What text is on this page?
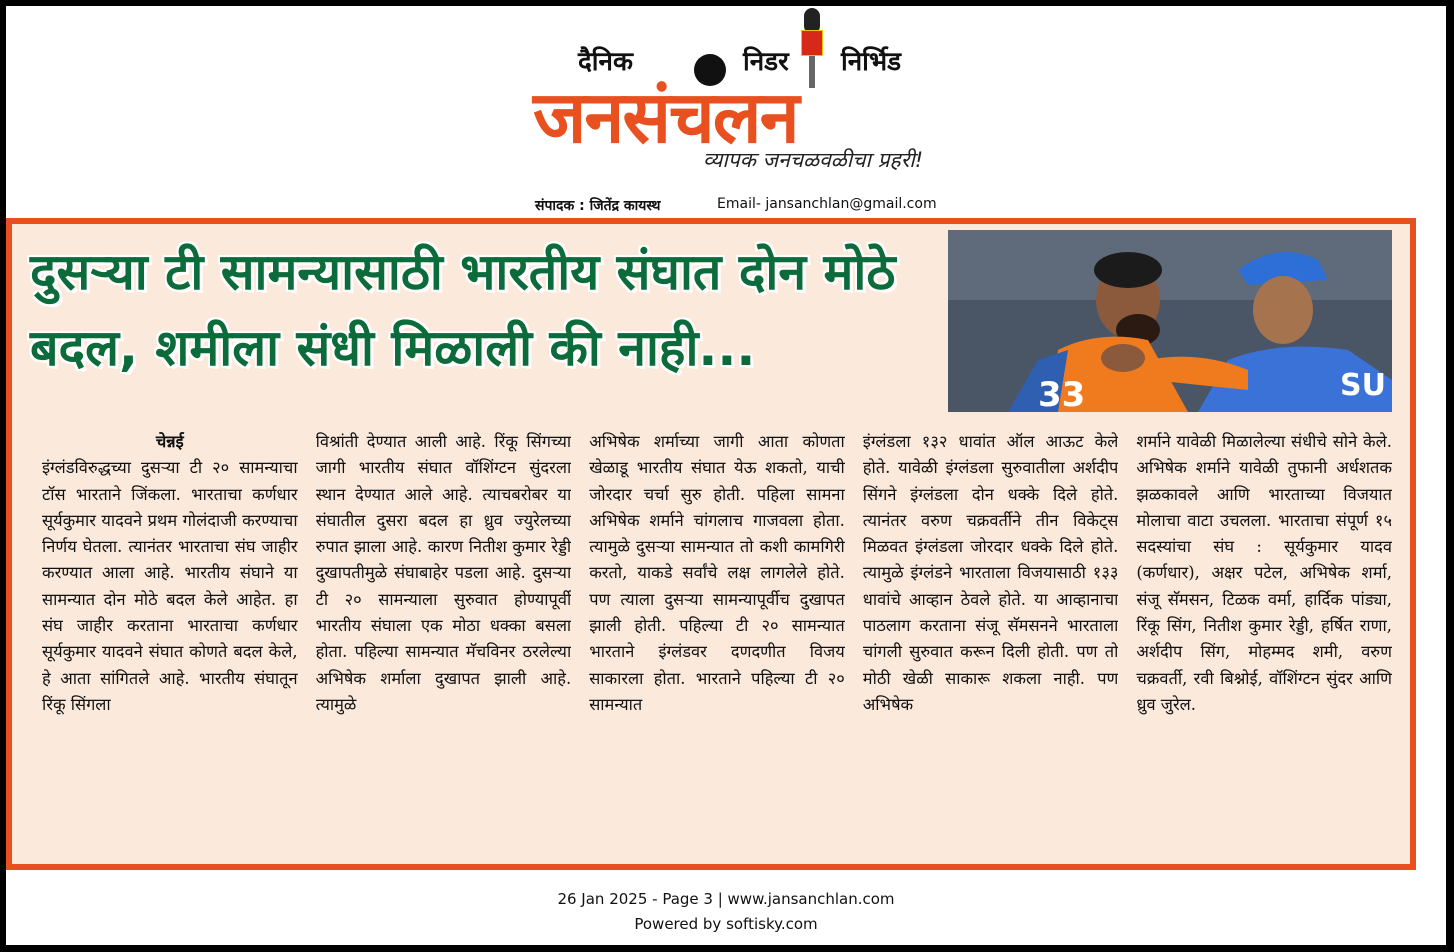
दैनिक	निडर निर्भिड
जनसंचलन
व्यापक जनचळवळीचा प्रहरी!
संपादक : जितेंद्र कायस्थ	Email- jansanchlan@gmail.com
दुसऱ्या टी सामन्यासाठी भारतीय संघात दोन मोठे बदल, शमीला संधी मिळाली की नाही...
33	SU
चेन्नई
इंग्लंडविरुद्धच्या दुसऱ्या टी २० सामन्याचा टॉस भारताने जिंकला. भारताचा कर्णधार सूर्यकुमार यादवने प्रथम गोलंदाजी करण्याचा निर्णय घेतला. त्यानंतर भारताचा संघ जाहीर करण्यात आला आहे. भारतीय संघाने या सामन्यात दोन मोठे बदल केले आहेत. हा संघ जाहीर करताना भारताचा कर्णधार सूर्यकुमार यादवने संघात कोणते बदल केले, हे आता सांगितले आहे. भारतीय संघातून रिंकू सिंगला
विश्रांती देण्यात आली आहे. रिंकू सिंगच्या जागी भारतीय संघात वॉशिंग्टन सुंदरला स्थान देण्यात आले आहे. त्याचबरोबर या संघातील दुसरा बदल हा ध्रुव ज्युरेलच्या रुपात झाला आहे. कारण नितीश कुमार रेड्डी दुखापतीमुळे संघाबाहेर पडला आहे. दुसऱ्या टी २० सामन्याला सुरुवात होण्यापूर्वी भारतीय संघाला एक मोठा धक्का बसला होता. पहिल्या सामन्यात मॅचविनर ठरलेल्या अभिषेक शर्माला दुखापत झाली आहे. त्यामुळे
अभिषेक शर्माच्या जागी आता कोणता खेळाडू भारतीय संघात येऊ शकतो, याची जोरदार चर्चा सुरु होती. पहिला सामना अभिषेक शर्माने चांगलाच गाजवला होता. त्यामुळे दुसऱ्या सामन्यात तो कशी कामगिरी करतो, याकडे सर्वांचे लक्ष लागलेले होते. पण त्याला दुसऱ्या सामन्यापूर्वीच दुखापत झाली होती. पहिल्या टी २० सामन्यात भारताने इंग्लंडवर दणदणीत विजय साकारला होता. भारताने पहिल्या टी २० सामन्यात
इंग्लंडला १३२ धावांत ऑल आऊट केले होते. यावेळी इंग्लंडला सुरुवातीला अर्शदीप सिंगने इंग्लंडला दोन धक्के दिले होते. त्यानंतर वरुण चक्रवर्तीने तीन विकेट्स मिळवत इंग्लंडला जोरदार धक्के दिले होते. त्यामुळे इंग्लंडने भारताला विजयासाठी १३३ धावांचे आव्हान ठेवले होते. या आव्हानाचा पाठलाग करताना संजू सॅमसनने भारताला चांगली सुरुवात करून दिली होती. पण तो मोठी खेळी साकारू शकला नाही. पण अभिषेक
शर्माने यावेळी मिळालेल्या संधीचे सोने केले. अभिषेक शर्माने यावेळी तुफानी अर्धशतक झळकावले आणि भारताच्या विजयात मोलाचा वाटा उचलला. भारताचा संपूर्ण १५ सदस्यांचा संघ : सूर्यकुमार यादव (कर्णधार), अक्षर पटेल, अभिषेक शर्मा, संजू सॅमसन, टिळक वर्मा, हार्दिक पांड्या, रिंकू सिंग, नितीश कुमार रेड्डी, हर्षित राणा, अर्शदीप सिंग, मोहम्मद शमी, वरुण चक्रवर्ती, रवी बिश्नोई, वॉशिंग्टन सुंदर आणि ध्रुव जुरेल.
26 Jan 2025 - Page 3 | www.jansanchlan.com
Powered by softisky.com
